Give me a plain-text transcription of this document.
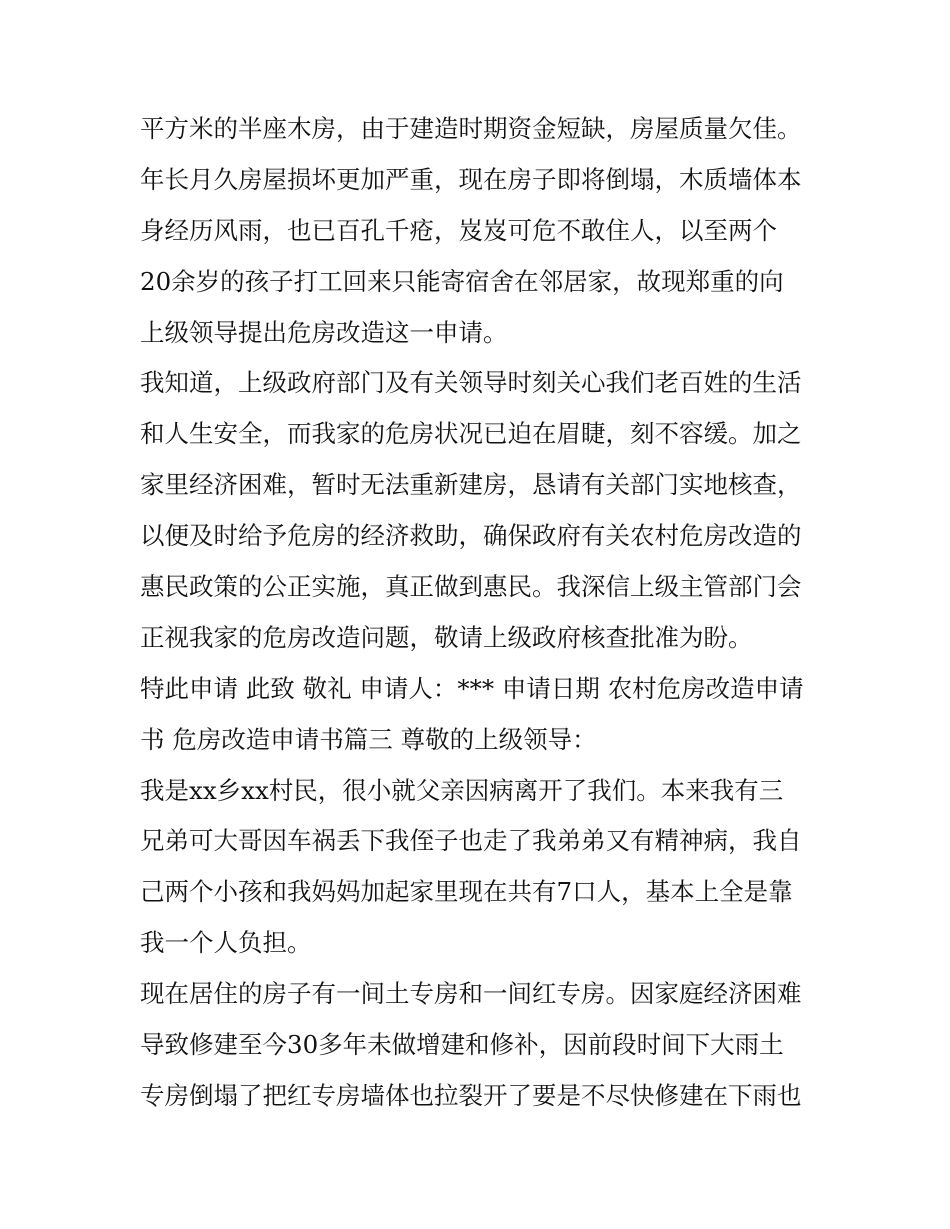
平方米的半座木房，由于建造时期资金短缺，房屋质量欠佳。
年长月久房屋损坏更加严重，现在房子即将倒塌，木质墙体本
身经历风雨，也已百孔千疮，岌岌可危不敢住人，以至两个
20余岁的孩子打工回来只能寄宿舍在邻居家，故现郑重的向
上级领导提出危房改造这一申请。
我知道，上级政府部门及有关领导时刻关心我们老百姓的生活
和人生安全，而我家的危房状况已迫在眉睫，刻不容缓。加之
家里经济困难，暂时无法重新建房，恳请有关部门实地核查，
以便及时给予危房的经济救助，确保政府有关农村危房改造的
惠民政策的公正实施，真正做到惠民。我深信上级主管部门会
正视我家的危房改造问题，敬请上级政府核查批准为盼。
特此申请 此致 敬礼 申请人：*** 申请日期 农村危房改造申请
书 危房改造申请书篇三 尊敬的上级领导：
我是xx乡xx村民，很小就父亲因病离开了我们。本来我有三
兄弟可大哥因车祸丢下我侄子也走了我弟弟又有精神病，我自
己两个小孩和我妈妈加起家里现在共有7口人，基本上全是靠
我一个人负担。
现在居住的房子有一间土专房和一间红专房。因家庭经济困难
导致修建至今30多年未做增建和修补，因前段时间下大雨土
专房倒塌了把红专房墙体也拉裂开了要是不尽快修建在下雨也
